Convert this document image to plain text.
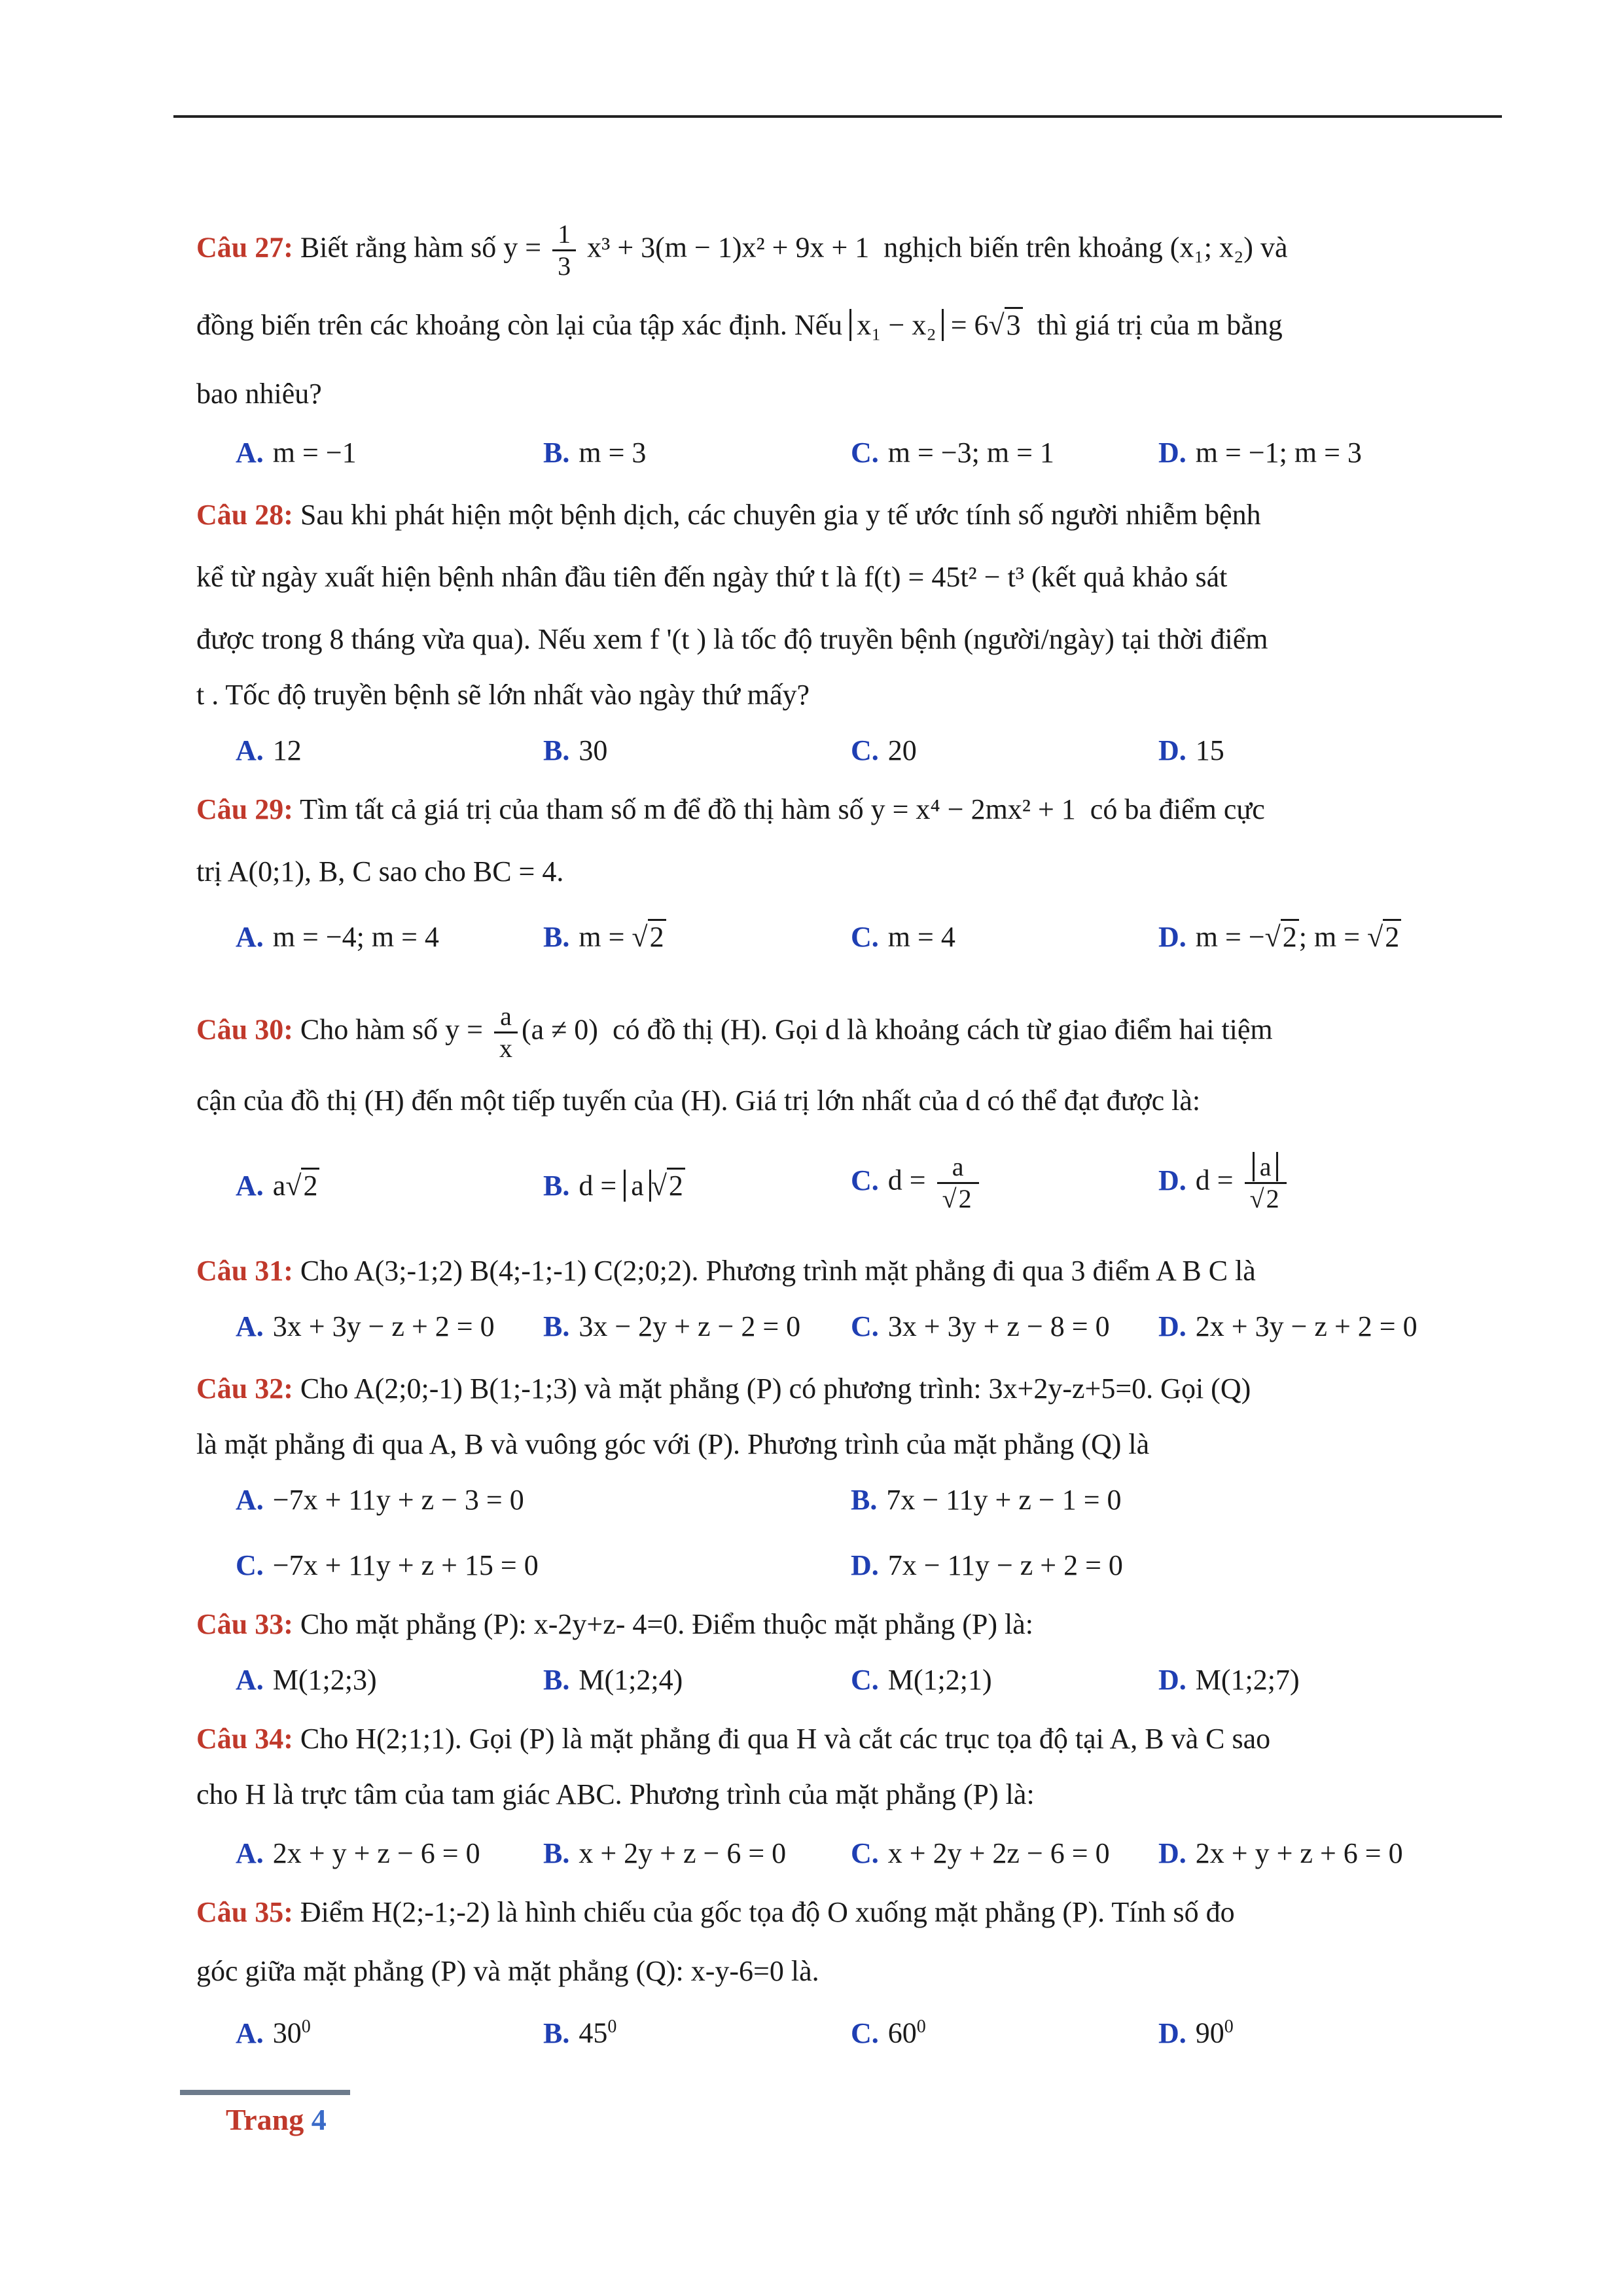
Câu 27: Biết rằng hàm số $y = \frac{1}{3} x^3 + 3(m - 1)x^2 + 9x + 1$ nghịch biến trên khoảng (x₁; x₂) và
đồng biến trên các khoảng còn lại của tập xác định. Nếu x₁ − x₂ = 6√3 thì giá trị của m bằng
bao nhiêu?
A. m = −1	B. m = 3	C. m = −3; m = 1	D. m = −1; m = 3
Câu 28: Sau khi phát hiện một bệnh dịch, các chuyên gia y tế ước tính số người nhiễm bệnh
kể từ ngày xuất hiện bệnh nhân đầu tiên đến ngày thứ t là f(t) = 45t² − t³ (kết quả khảo sát
được trong 8 tháng vừa qua). Nếu xem f '(t ) là tốc độ truyền bệnh (người/ngày) tại thời điểm
t . Tốc độ truyền bệnh sẽ lớn nhất vào ngày thứ mấy?
A. 12	B. 30	C. 20	D. 15
Câu 29: Tìm tất cả giá trị của tham số m để đồ thị hàm số y = x⁴ − 2mx² + 1 có ba điểm cực
trị A(0;1), B, C sao cho BC = 4.
A. m = −4; m = 4	B. m = √2	C. m = 4	D. m = −√2; m = √2
Câu 30: Cho hàm số $y = \frac{a}{x} (a \ne 0)$ có đồ thị (H). Gọi d là khoảng cách từ giao điểm hai tiệm
cận của đồ thị (H) đến một tiếp tuyến của (H). Giá trị lớn nhất của d có thể đạt được là:
A. a√2	B. d = a √2	C. $d = \frac{a}{√2}$	D. $d = \frac{a}{√2}$
Câu 31: Cho A(3;-1;2) B(4;-1;-1) C(2;0;2). Phương trình mặt phẳng đi qua 3 điểm A B C là
A. 3x + 3y − z + 2 = 0 B. 3x − 2y + z − 2 = 0 C. 3x + 3y + z − 8 = 0 D. 2x + 3y − z + 2 = 0
Câu 32: Cho A(2;0;-1) B(1;-1;3) và mặt phẳng (P) có phương trình: 3x+2y-z+5=0. Gọi (Q)
là mặt phẳng đi qua A, B và vuông góc với (P). Phương trình của mặt phẳng (Q) là
A. −7x + 11y + z − 3 = 0	B. 7x − 11y + z − 1 = 0
C. −7x + 11y + z + 15 = 0	D. 7x − 11y − z + 2 = 0
Câu 33: Cho mặt phẳng (P): x-2y+z- 4=0. Điểm thuộc mặt phẳng (P) là:
A. M(1;2;3)	B. M(1;2;4)	C. M(1;2;1)	D. M(1;2;7)
Câu 34: Cho H(2;1;1). Gọi (P) là mặt phẳng đi qua H và cắt các trục tọa độ tại A, B và C sao
cho H là trực tâm của tam giác ABC. Phương trình của mặt phẳng (P) là:
A. 2x + y + z − 6 = 0 B. x + 2y + z − 6 = 0 C. x + 2y + 2z − 6 = 0 D. 2x + y + z + 6 = 0
Câu 35: Điểm H(2;-1;-2) là hình chiếu của gốc tọa độ O xuống mặt phẳng (P). Tính số đo
góc giữa mặt phẳng (P) và mặt phẳng (Q): x-y-6=0 là.
A. $30^0$	B. $45^0$	C. $60^0$	D. $90^0$
Trang 4
